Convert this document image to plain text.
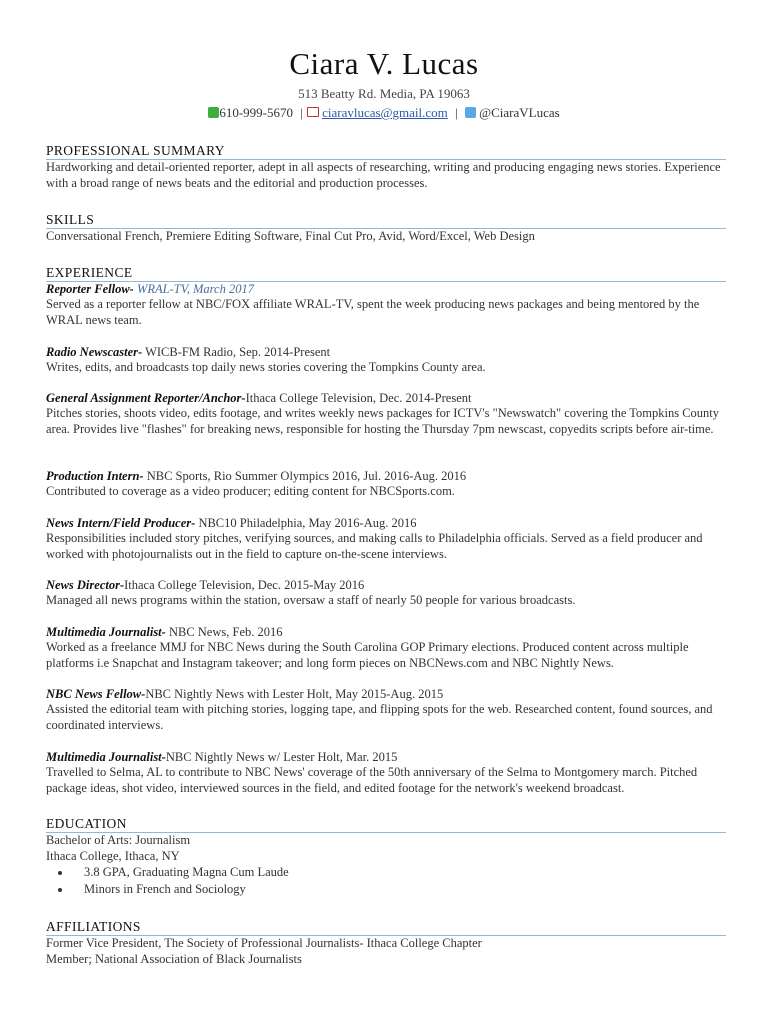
Ciara V. Lucas
513 Beatty Rd. Media, PA 19063
610-999-5670 | ciaravlucas@gmail.com | @CiaraVLucas
PROFESSIONAL SUMMARY
Hardworking and detail-oriented reporter, adept in all aspects of researching, writing and producing engaging news stories. Experience with a broad range of news beats and the editorial and production processes.
SKILLS
Conversational French, Premiere Editing Software, Final Cut Pro, Avid, Word/Excel, Web Design
EXPERIENCE
Reporter Fellow- WRAL-TV, March 2017
Served as a reporter fellow at NBC/FOX affiliate WRAL-TV, spent the week producing news packages and being mentored by the WRAL news team.
Radio Newscaster- WICB-FM Radio, Sep. 2014-Present
Writes, edits, and broadcasts top daily news stories covering the Tompkins County area.
General Assignment Reporter/Anchor-Ithaca College Television, Dec. 2014-Present
Pitches stories, shoots video, edits footage, and writes weekly news packages for ICTV's "Newswatch" covering the Tompkins County area. Provides live "flashes" for breaking news, responsible for hosting the Thursday 7pm newscast, copyedits scripts before air-time.
Production Intern- NBC Sports, Rio Summer Olympics 2016, Jul. 2016-Aug. 2016
Contributed to coverage as a video producer; editing content for NBCSports.com.
News Intern/Field Producer- NBC10 Philadelphia, May 2016-Aug. 2016
Responsibilities included story pitches, verifying sources, and making calls to Philadelphia officials. Served as a field producer and worked with photojournalists out in the field to capture on-the-scene interviews.
News Director-Ithaca College Television, Dec. 2015-May 2016
Managed all news programs within the station, oversaw a staff of nearly 50 people for various broadcasts.
Multimedia Journalist- NBC News, Feb. 2016
Worked as a freelance MMJ for NBC News during the South Carolina GOP Primary elections. Produced content across multiple platforms i.e Snapchat and Instagram takeover; and long form pieces on NBCNews.com and NBC Nightly News.
NBC News Fellow-NBC Nightly News with Lester Holt, May 2015-Aug. 2015
Assisted the editorial team with pitching stories, logging tape, and flipping spots for the web. Researched content, found sources, and coordinated interviews.
Multimedia Journalist-NBC Nightly News w/ Lester Holt, Mar. 2015
Travelled to Selma, AL to contribute to NBC News' coverage of the 50th anniversary of the Selma to Montgomery march. Pitched package ideas, shot video, interviewed sources in the field, and edited footage for the network's weekend broadcast.
EDUCATION
Bachelor of Arts: Journalism
Ithaca College, Ithaca, NY
• 3.8 GPA, Graduating Magna Cum Laude
• Minors in French and Sociology
AFFILIATIONS
Former Vice President, The Society of Professional Journalists- Ithaca College Chapter
Member; National Association of Black Journalists
